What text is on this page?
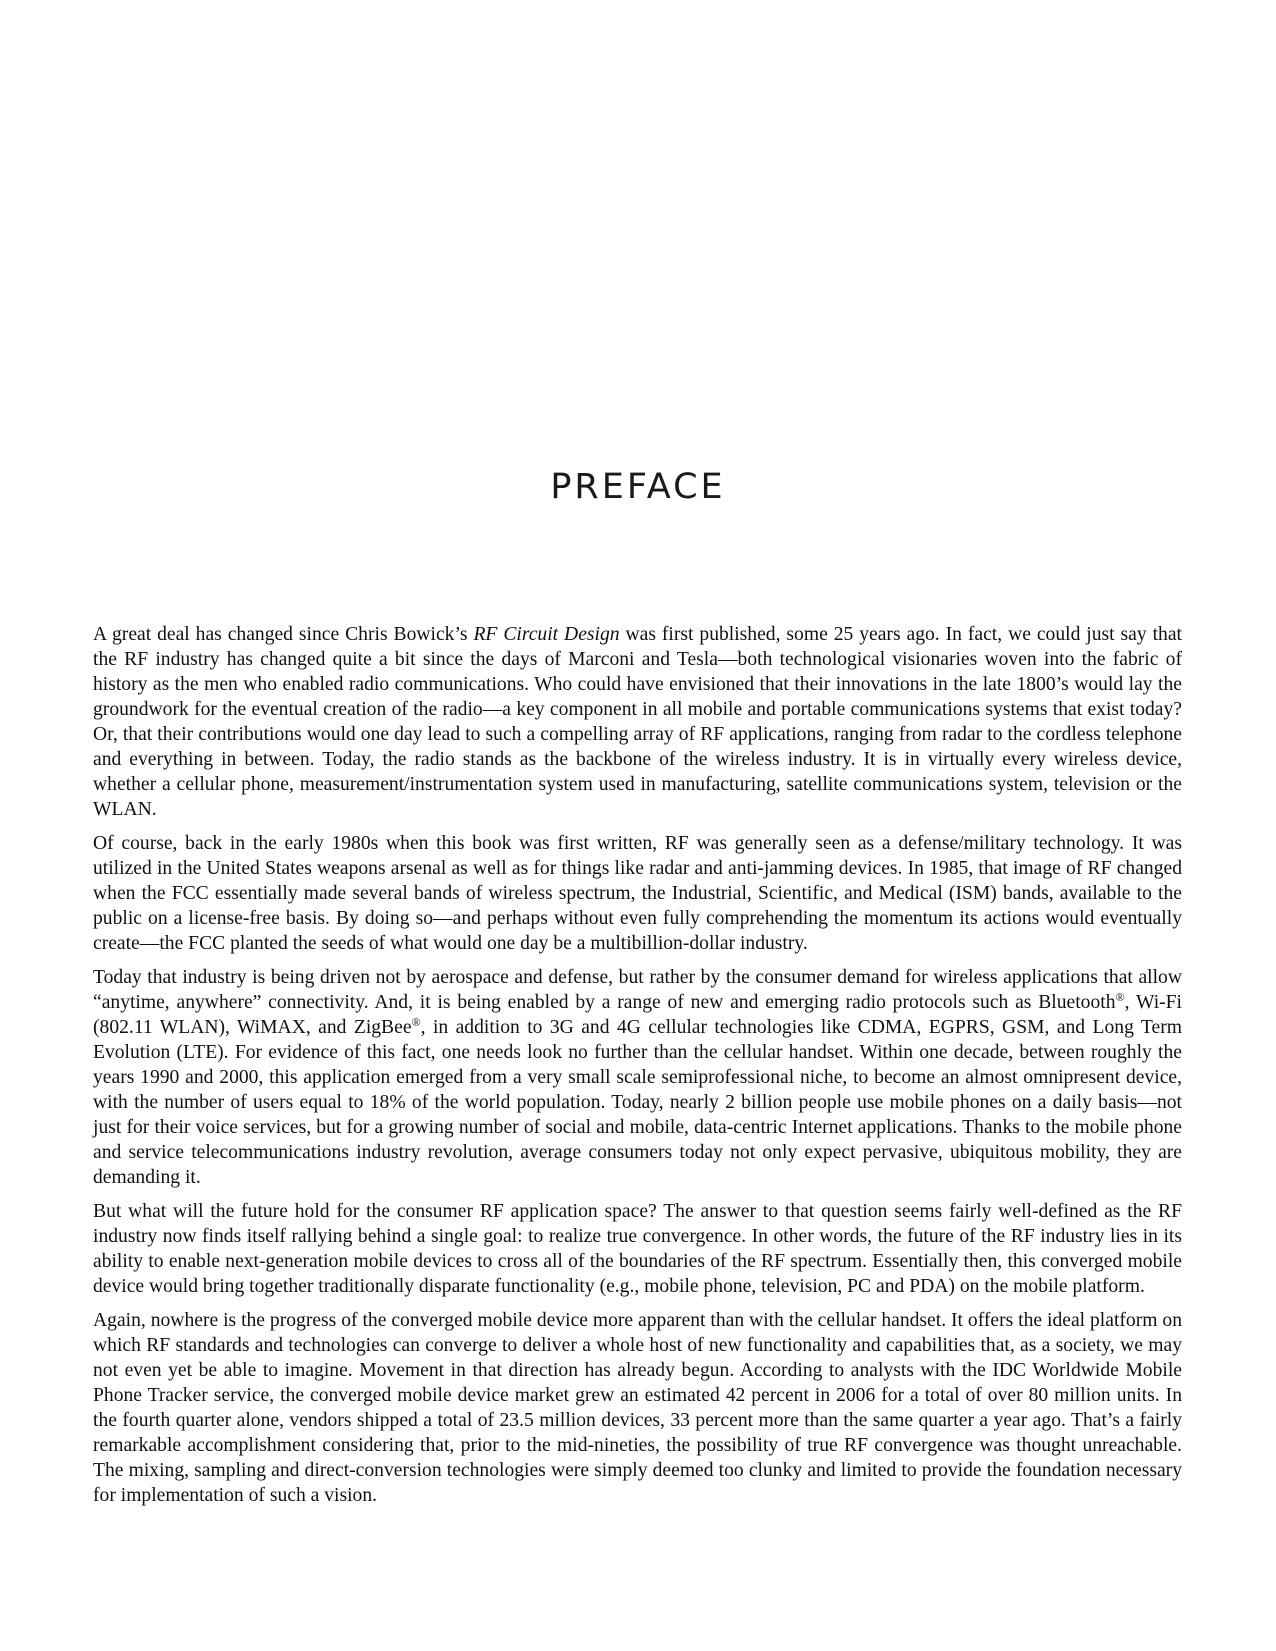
PREFACE

A great deal has changed since Chris Bowick’s RF Circuit Design was first published, some 25 years ago. In fact, we could just say that the RF industry has changed quite a bit since the days of Marconi and Tesla—both technological visionaries woven into the fabric of history as the men who enabled radio communications. Who could have envisioned that their innovations in the late 1800’s would lay the groundwork for the eventual creation of the radio—a key component in all mobile and portable communications systems that exist today? Or, that their contributions would one day lead to such a compelling array of RF applications, ranging from radar to the cordless telephone and everything in between. Today, the radio stands as the backbone of the wireless industry. It is in virtually every wireless device, whether a cellular phone, measurement/instrumentation system used in manufacturing, satellite communications system, television or the WLAN.

Of course, back in the early 1980s when this book was first written, RF was generally seen as a defense/military technology. It was utilized in the United States weapons arsenal as well as for things like radar and anti-jamming devices. In 1985, that image of RF changed when the FCC essentially made several bands of wireless spectrum, the Industrial, Scientific, and Medical (ISM) bands, available to the public on a license-free basis. By doing so—and perhaps without even fully comprehending the momentum its actions would eventually create—the FCC planted the seeds of what would one day be a multibillion-dollar industry.

Today that industry is being driven not by aerospace and defense, but rather by the consumer demand for wireless applications that allow “anytime, anywhere” connectivity. And, it is being enabled by a range of new and emerging radio protocols such as Bluetooth®, Wi-Fi (802.11 WLAN), WiMAX, and ZigBee®, in addition to 3G and 4G cellular technologies like CDMA, EGPRS, GSM, and Long Term Evolution (LTE). For evidence of this fact, one needs look no further than the cellular handset. Within one decade, between roughly the years 1990 and 2000, this application emerged from a very small scale semiprofessional niche, to become an almost omnipresent device, with the number of users equal to 18% of the world population. Today, nearly 2 billion people use mobile phones on a daily basis—not just for their voice services, but for a growing number of social and mobile, data-centric Internet applications. Thanks to the mobile phone and service telecommunications industry revolution, average consumers today not only expect pervasive, ubiquitous mobility, they are demanding it.

But what will the future hold for the consumer RF application space? The answer to that question seems fairly well-defined as the RF industry now finds itself rallying behind a single goal: to realize true convergence. In other words, the future of the RF industry lies in its ability to enable next-generation mobile devices to cross all of the boundaries of the RF spectrum. Essentially then, this converged mobile device would bring together traditionally disparate functionality (e.g., mobile phone, television, PC and PDA) on the mobile platform.

Again, nowhere is the progress of the converged mobile device more apparent than with the cellular handset. It offers the ideal platform on which RF standards and technologies can converge to deliver a whole host of new functionality and capabilities that, as a society, we may not even yet be able to imagine. Movement in that direction has already begun. According to analysts with the IDC Worldwide Mobile Phone Tracker service, the converged mobile device market grew an estimated 42 percent in 2006 for a total of over 80 million units. In the fourth quarter alone, vendors shipped a total of 23.5 million devices, 33 percent more than the same quarter a year ago. That’s a fairly remarkable accomplishment considering that, prior to the mid-nineties, the possibility of true RF convergence was thought unreachable. The mixing, sampling and direct-conversion technologies were simply deemed too clunky and limited to provide the foundation necessary for implementation of such a vision.
